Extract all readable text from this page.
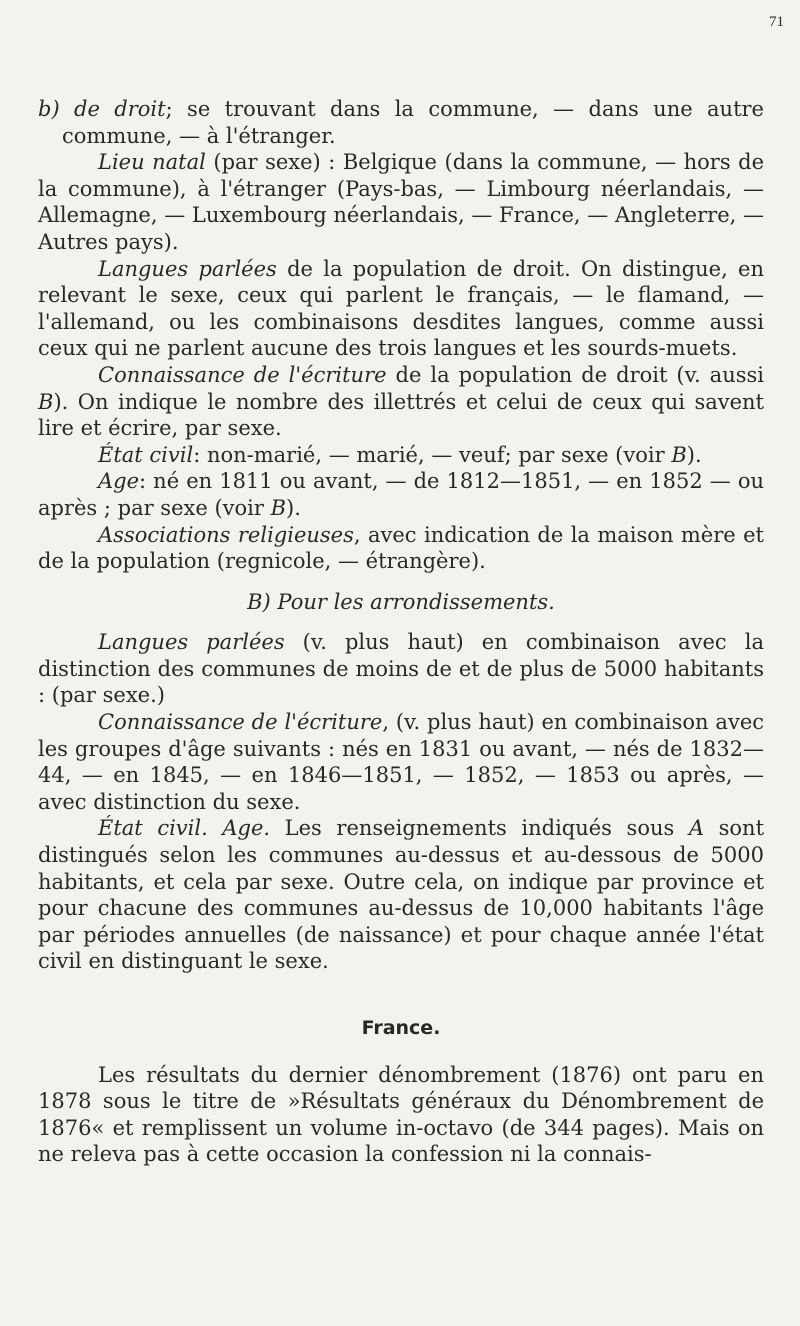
71

b) de droit; se trouvant dans la commune, — dans une autre commune, — à l'étranger.

Lieu natal (par sexe) : Belgique (dans la commune, — hors de la commune), à l'étranger (Pays-bas, — Limbourg néerlandais, — Allemagne, — Luxembourg néerlandais, — France, — Angleterre, — Autres pays).

Langues parlées de la population de droit. On distingue, en relevant le sexe, ceux qui parlent le français, — le flamand, — l'allemand, ou les combinaisons desdites langues, comme aussi ceux qui ne parlent aucune des trois langues et les sourds-muets.

Connaissance de l'écriture de la population de droit (v. aussi B). On indique le nombre des illettrés et celui de ceux qui savent lire et écrire, par sexe.

État civil: non-marié, — marié, — veuf; par sexe (voir B).

Age: né en 1811 ou avant, — de 1812—1851, — en 1852 — ou après ; par sexe (voir B).

Associations religieuses, avec indication de la maison mère et de la population (regnicole, — étrangère).

B) Pour les arrondissements.

Langues parlées (v. plus haut) en combinaison avec la distinction des communes de moins de et de plus de 5000 habitants : (par sexe.)

Connaissance de l'écriture, (v. plus haut) en combinaison avec les groupes d'âge suivants : nés en 1831 ou avant, — nés de 1832—44, — en 1845, — en 1846—1851, — 1852, — 1853 ou après, — avec distinction du sexe.

État civil. Age. Les renseignements indiqués sous A sont distingués selon les communes au-dessus et au-dessous de 5000 habitants, et cela par sexe. Outre cela, on indique par province et pour chacune des communes au-dessus de 10,000 habitants l'âge par périodes annuelles (de naissance) et pour chaque année l'état civil en distinguant le sexe.

France.

Les résultats du dernier dénombrement (1876) ont paru en 1878 sous le titre de »Résultats généraux du Dénombrement de 1876« et remplissent un volume in-octavo (de 344 pages). Mais on ne releva pas à cette occasion la confession ni la connais-
